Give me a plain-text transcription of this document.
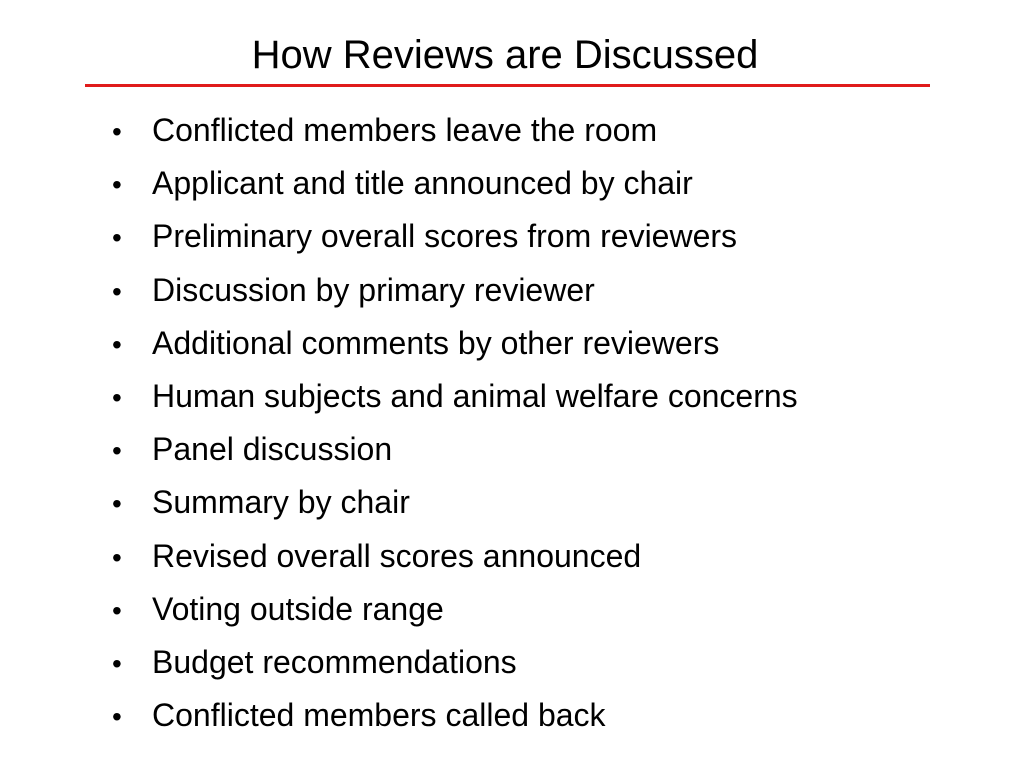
How Reviews are Discussed
• Conflicted members leave the room
• Applicant and title announced by chair
• Preliminary overall scores from reviewers
• Discussion by primary reviewer
• Additional comments by other reviewers
• Human subjects and animal welfare concerns
• Panel discussion
• Summary by chair
• Revised overall scores announced
• Voting outside range
• Budget recommendations
• Conflicted members called back
